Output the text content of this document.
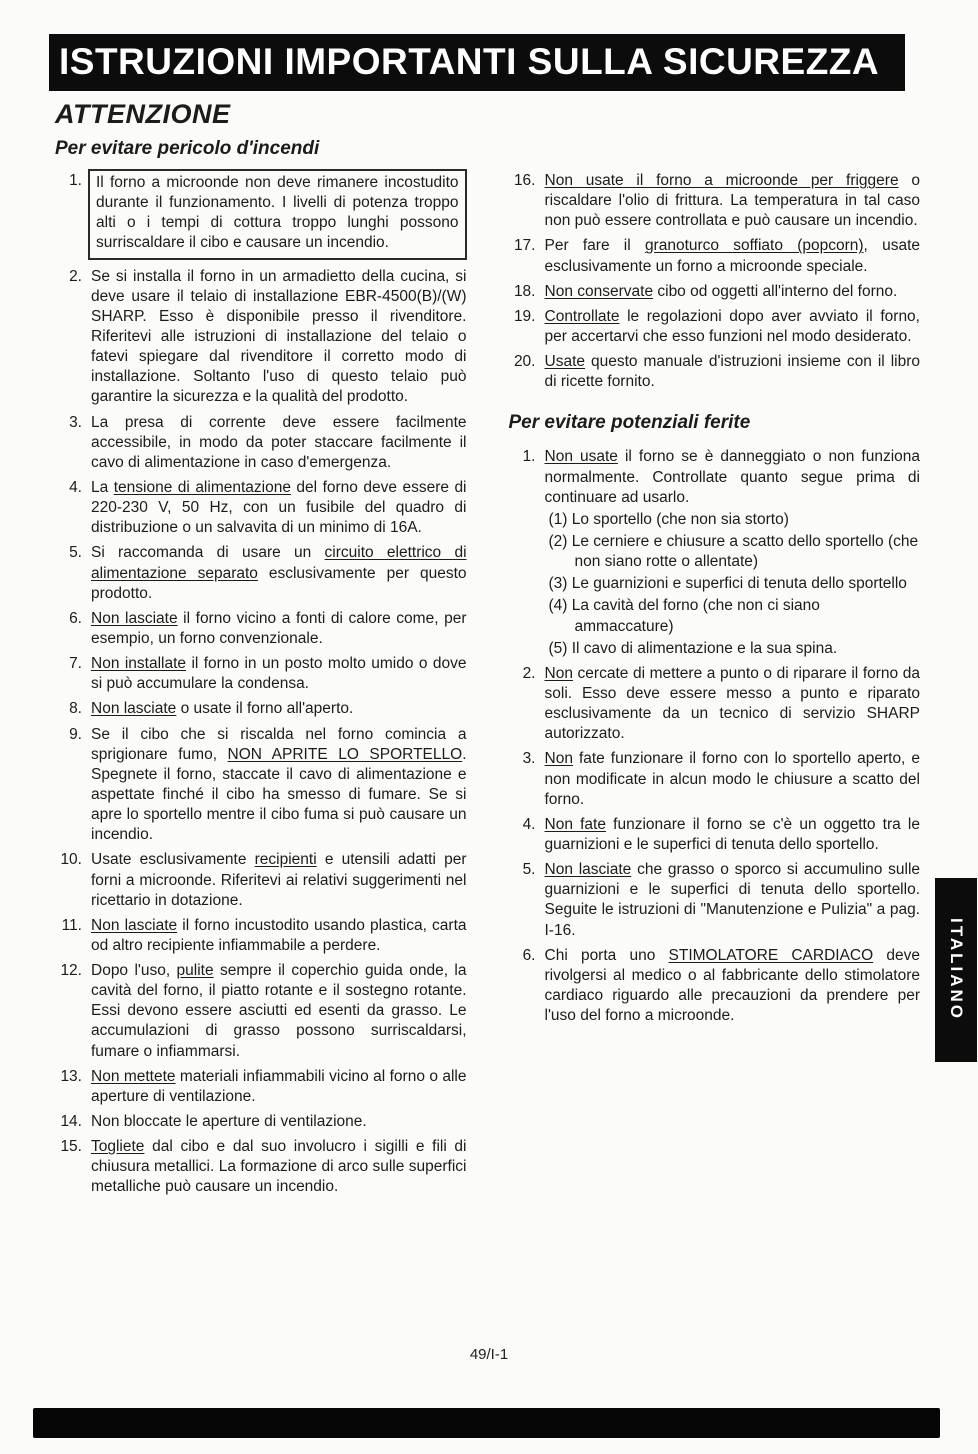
ISTRUZIONI IMPORTANTI SULLA SICUREZZA
ATTENZIONE
Per evitare pericolo d'incendi
1. Il forno a microonde non deve rimanere incostudito durante il funzionamento. I livelli di potenza troppo alti o i tempi di cottura troppo lunghi possono surriscaldare il cibo e causare un incendio.
2. Se si installa il forno in un armadietto della cucina, si deve usare il telaio di installazione EBR-4500(B)/(W) SHARP. Esso è disponibile presso il rivenditore. Riferitevi alle istruzioni di installazione del telaio o fatevi spiegare dal rivenditore il corretto modo di installazione. Soltanto l'uso di questo telaio può garantire la sicurezza e la qualità del prodotto.
3. La presa di corrente deve essere facilmente accessibile, in modo da poter staccare facilmente il cavo di alimentazione in caso d'emergenza.
4. La tensione di alimentazione del forno deve essere di 220-230 V, 50 Hz, con un fusibile del quadro di distribuzione o un salvavita di un minimo di 16A.
5. Si raccomanda di usare un circuito elettrico di alimentazione separato esclusivamente per questo prodotto.
6. Non lasciate il forno vicino a fonti di calore come, per esempio, un forno convenzionale.
7. Non installate il forno in un posto molto umido o dove si può accumulare la condensa.
8. Non lasciate o usate il forno all'aperto.
9. Se il cibo che si riscalda nel forno comincia a sprigionare fumo, NON APRITE LO SPORTELLO. Spegnete il forno, staccate il cavo di alimentazione e aspettate finché il cibo ha smesso di fumare. Se si apre lo sportello mentre il cibo fuma si può causare un incendio.
10. Usate esclusivamente recipienti e utensili adatti per forni a microonde. Riferitevi ai relativi suggerimenti nel ricettario in dotazione.
11. Non lasciate il forno incustodito usando plastica, carta od altro recipiente infiammabile a perdere.
12. Dopo l'uso, pulite sempre il coperchio guida onde, la cavità del forno, il piatto rotante e il sostegno rotante. Essi devono essere asciutti ed esenti da grasso. Le accumulazioni di grasso possono surriscaldarsi, fumare o infiammarsi.
13. Non mettete materiali infiammabili vicino al forno o alle aperture di ventilazione.
14. Non bloccate le aperture di ventilazione.
15. Togliete dal cibo e dal suo involucro i sigilli e fili di chiusura metallici. La formazione di arco sulle superfici metalliche può causare un incendio.
16. Non usate il forno a microonde per friggere o riscaldare l'olio di frittura. La temperatura in tal caso non può essere controllata e può causare un incendio.
17. Per fare il granoturco soffiato (popcorn), usate esclusivamente un forno a microonde speciale.
18. Non conservate cibo od oggetti all'interno del forno.
19. Controllate le regolazioni dopo aver avviato il forno, per accertarvi che esso funzioni nel modo desiderato.
20. Usate questo manuale d'istruzioni insieme con il libro di ricette fornito.
Per evitare potenziali ferite
1. Non usate il forno se è danneggiato o non funziona normalmente. Controllate quanto segue prima di continuare ad usarlo.
(1) Lo sportello (che non sia storto)
(2) Le cerniere e chiusure a scatto dello sportello (che non siano rotte o allentate)
(3) Le guarnizioni e superfici di tenuta dello sportello
(4) La cavità del forno (che non ci siano ammaccature)
(5) Il cavo di alimentazione e la sua spina.
2. Non cercate di mettere a punto o di riparare il forno da soli. Esso deve essere messo a punto e riparato esclusivamente da un tecnico di servizio SHARP autorizzato.
3. Non fate funzionare il forno con lo sportello aperto, e non modificate in alcun modo le chiusure a scatto del forno.
4. Non fate funzionare il forno se c'è un oggetto tra le guarnizioni e le superfici di tenuta dello sportello.
5. Non lasciate che grasso o sporco si accumulino sulle guarnizioni e le superfici di tenuta dello sportello. Seguite le istruzioni di "Manutenzione e Pulizia" a pag. I-16.
6. Chi porta uno STIMOLATORE CARDIACO deve rivolgersi al medico o al fabbricante dello stimolatore cardiaco riguardo alle precauzioni da prendere per l'uso del forno a microonde.
49/I-1
ITALIANO
